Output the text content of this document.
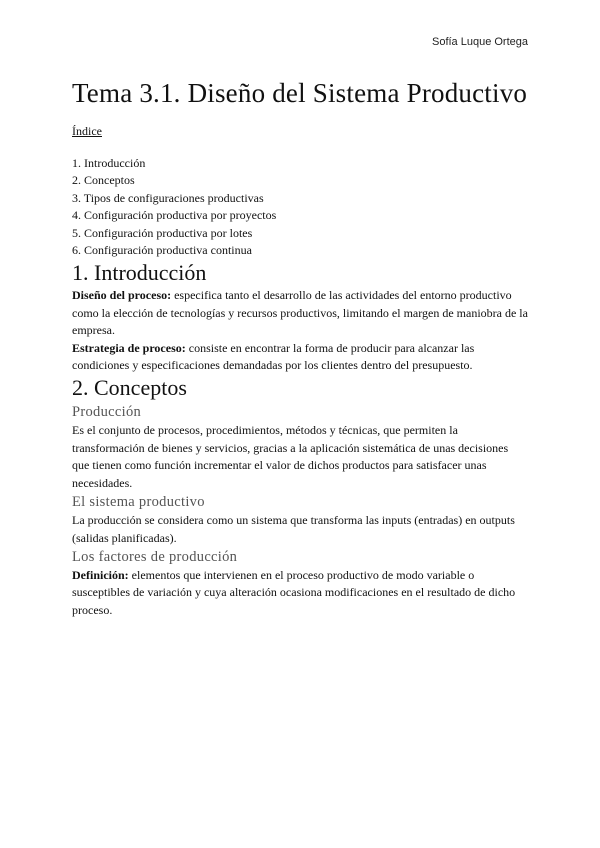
Sofía Luque Ortega
Tema 3.1. Diseño del Sistema Productivo
Índice
1. Introducción
2. Conceptos
3. Tipos de configuraciones productivas
4. Configuración productiva por proyectos
5. Configuración productiva por lotes
6. Configuración productiva continua
1. Introducción

Diseño del proceso: especifica tanto el desarrollo de las actividades del entorno productivo como la elección de tecnologías y recursos productivos, limitando el margen de maniobra de la empresa.

Estrategia de proceso: consiste en encontrar la forma de producir para alcanzar las condiciones y especificaciones demandadas por los clientes dentro del presupuesto.

2. Conceptos
Producción

Es el conjunto de procesos, procedimientos, métodos y técnicas, que permiten la transformación de bienes y servicios, gracias a la aplicación sistemática de unas decisiones que tienen como función incrementar el valor de dichos productos para satisfacer unas necesidades.

El sistema productivo

La producción se considera como un sistema que transforma las inputs (entradas) en outputs (salidas planificadas).

Los factores de producción

Definición: elementos que intervienen en el proceso productivo de modo variable o susceptibles de variación y cuya alteración ocasiona modificaciones en el resultado de dicho proceso.
